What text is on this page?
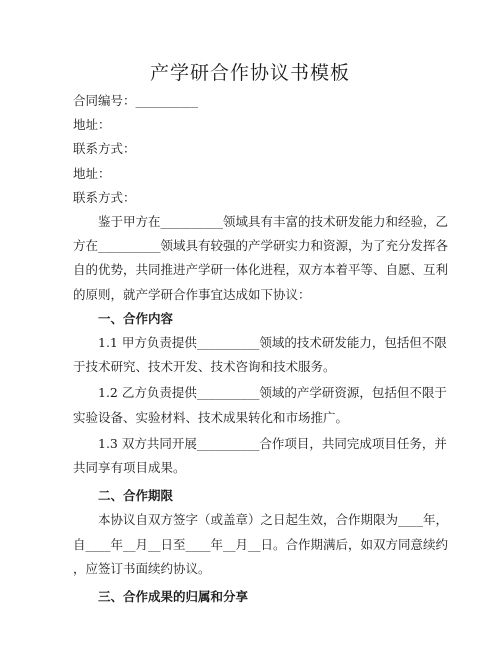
产学研合作协议书模板
合同编号：__________
地址：
联系方式：
地址：
联系方式：
鉴于甲方在__________领域具有丰富的技术研发能力和经验，乙
方在__________领域具有较强的产学研实力和资源，为了充分发挥各
自的优势，共同推进产学研一体化进程，双方本着平等、自愿、互利
的原则，就产学研合作事宜达成如下协议：
一、合作内容
1.1 甲方负责提供__________领域的技术研发能力，包括但不限
于技术研究、技术开发、技术咨询和技术服务。
1.2 乙方负责提供__________领域的产学研资源，包括但不限于
实验设备、实验材料、技术成果转化和市场推广。
1.3 双方共同开展__________合作项目，共同完成项目任务，并
共同享有项目成果。
二、合作期限
本协议自双方签字（或盖章）之日起生效，合作期限为____年，
自____年__月__日至____年__月__日。合作期满后，如双方同意续约
，应签订书面续约协议。
三、合作成果的归属和分享
